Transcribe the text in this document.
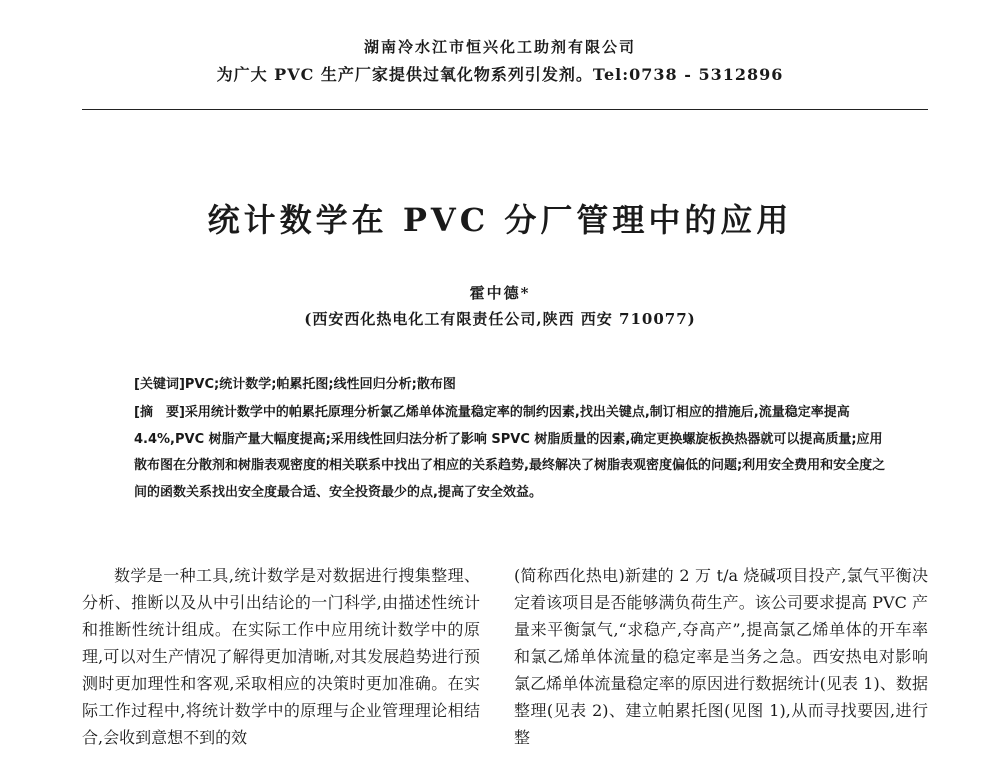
湖南冷水江市恒兴化工助剂有限公司
为广大 PVC 生产厂家提供过氧化物系列引发剂。Tel:0738 - 5312896
统计数学在 PVC 分厂管理中的应用
霍中德*
(西安西化热电化工有限责任公司,陕西 西安 710077)
[关键词]PVC;统计数学;帕累托图;线性回归分析;散布图
[摘　要]采用统计数学中的帕累托原理分析氯乙烯单体流量稳定率的制约因素,找出关键点,制订相应的措施后,流量稳定率提高 4.4%,PVC 树脂产量大幅度提高;采用线性回归法分析了影响 SPVC 树脂质量的因素,确定更换螺旋板换热器就可以提高质量;应用散布图在分散剂和树脂表观密度的相关联系中找出了相应的关系趋势,最终解决了树脂表观密度偏低的问题;利用安全费用和安全度之间的函数关系找出安全度最合适、安全投资最少的点,提高了安全效益。
数学是一种工具,统计数学是对数据进行搜集整理、分析、推断以及从中引出结论的一门科学,由描述性统计和推断性统计组成。在实际工作中应用统计数学中的原理,可以对生产情况了解得更加清晰,对其发展趋势进行预测时更加理性和客观,采取相应的决策时更加准确。在实际工作过程中,将统计数学中的原理与企业管理理论相结合,会收到意想不到的效
(简称西化热电)新建的 2 万 t/a 烧碱项目投产,氯气平衡决定着该项目是否能够满负荷生产。该公司要求提高 PVC 产量来平衡氯气,“求稳产,夺高产”,提高氯乙烯单体的开车率和氯乙烯单体流量的稳定率是当务之急。西安热电对影响氯乙烯单体流量稳定率的原因进行数据统计(见表 1)、数据整理(见表 2)、建立帕累托图(见图 1),从而寻找要因,进行整
